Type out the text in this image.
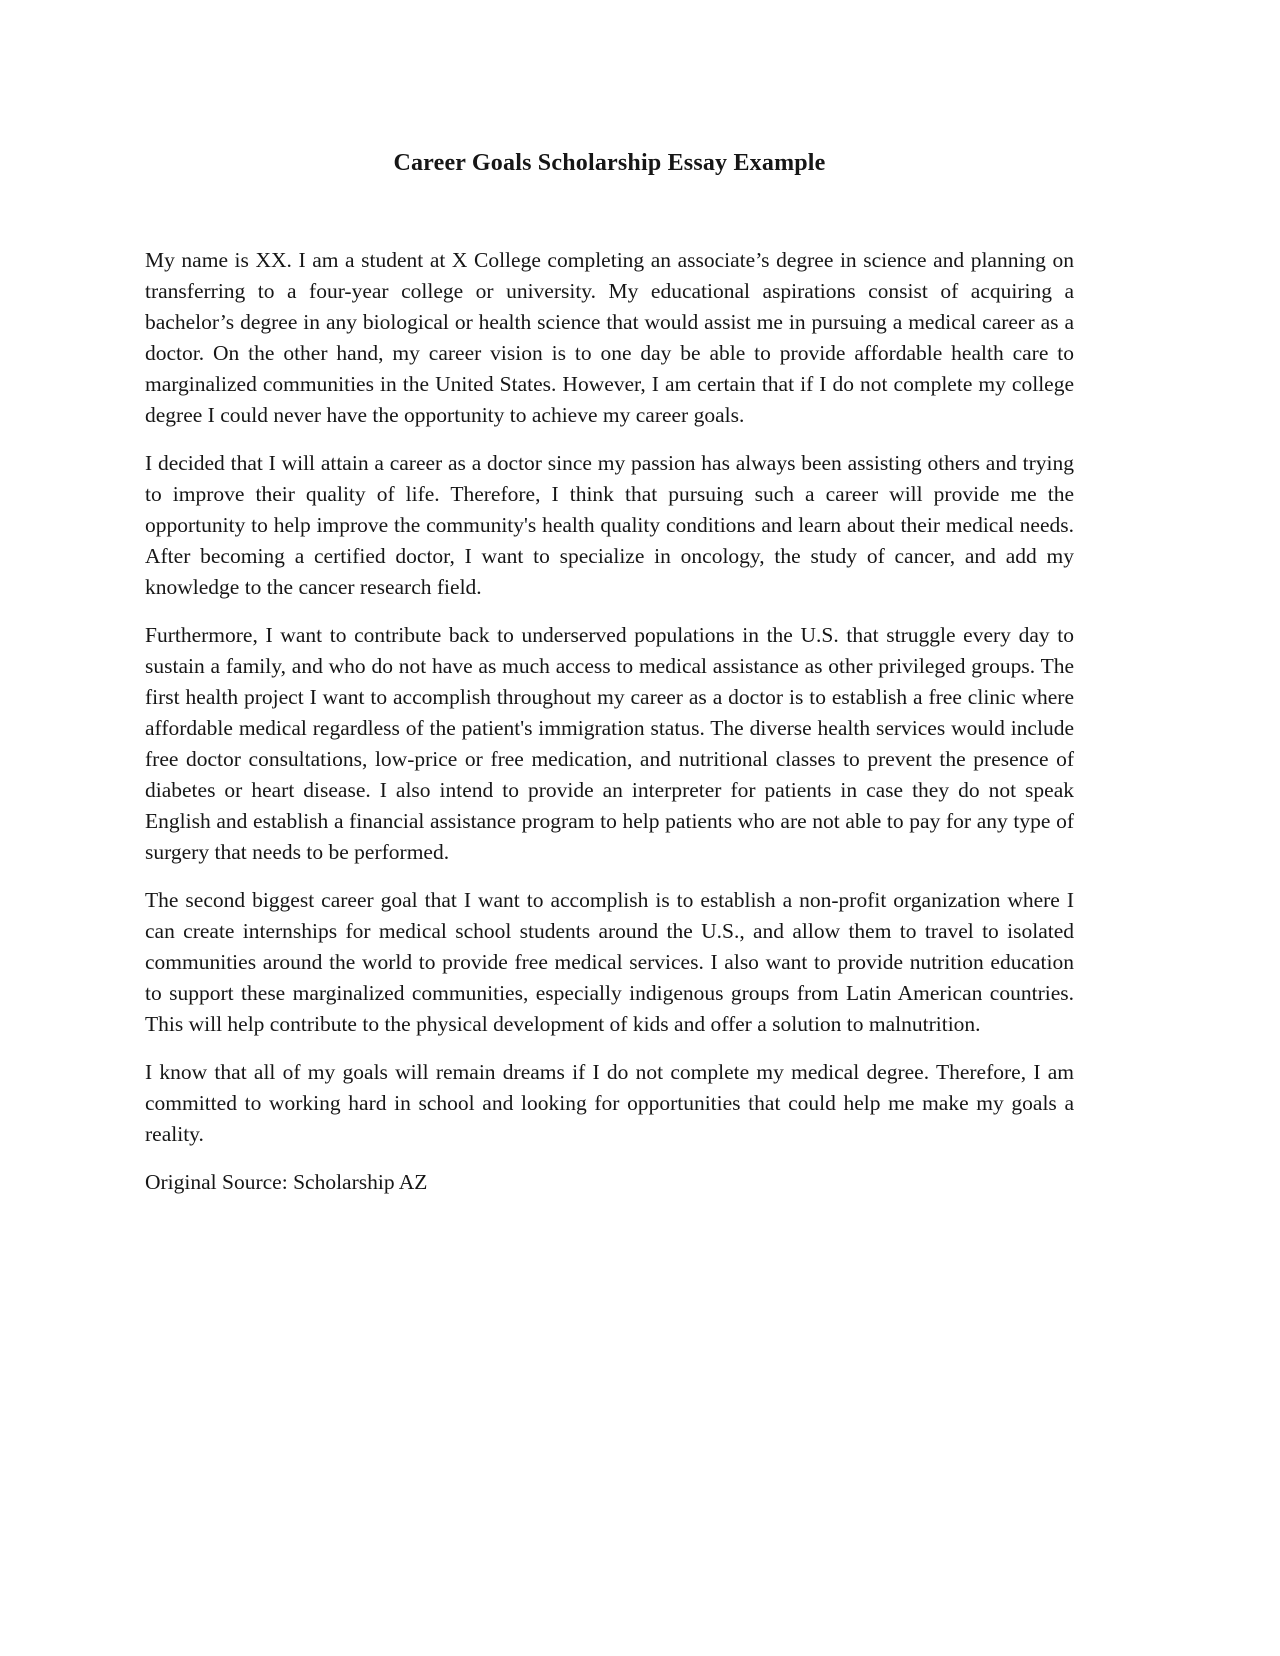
Career Goals Scholarship Essay Example

My name is XX. I am a student at X College completing an associate’s degree in science and planning on transferring to a four-year college or university. My educational aspirations consist of acquiring a bachelor’s degree in any biological or health science that would assist me in pursuing a medical career as a doctor. On the other hand, my career vision is to one day be able to provide affordable health care to marginalized communities in the United States. However, I am certain that if I do not complete my college degree I could never have the opportunity to achieve my career goals.

I decided that I will attain a career as a doctor since my passion has always been assisting others and trying to improve their quality of life. Therefore, I think that pursuing such a career will provide me the opportunity to help improve the community's health quality conditions and learn about their medical needs. After becoming a certified doctor, I want to specialize in oncology, the study of cancer, and add my knowledge to the cancer research field.

Furthermore, I want to contribute back to underserved populations in the U.S. that struggle every day to sustain a family, and who do not have as much access to medical assistance as other privileged groups. The first health project I want to accomplish throughout my career as a doctor is to establish a free clinic where affordable medical regardless of the patient's immigration status. The diverse health services would include free doctor consultations, low-price or free medication, and nutritional classes to prevent the presence of diabetes or heart disease. I also intend to provide an interpreter for patients in case they do not speak English and establish a financial assistance program to help patients who are not able to pay for any type of surgery that needs to be performed.

The second biggest career goal that I want to accomplish is to establish a non-profit organization where I can create internships for medical school students around the U.S., and allow them to travel to isolated communities around the world to provide free medical services. I also want to provide nutrition education to support these marginalized communities, especially indigenous groups from Latin American countries. This will help contribute to the physical development of kids and offer a solution to malnutrition.

I know that all of my goals will remain dreams if I do not complete my medical degree. Therefore, I am committed to working hard in school and looking for opportunities that could help me make my goals a reality.

Original Source: Scholarship AZ
